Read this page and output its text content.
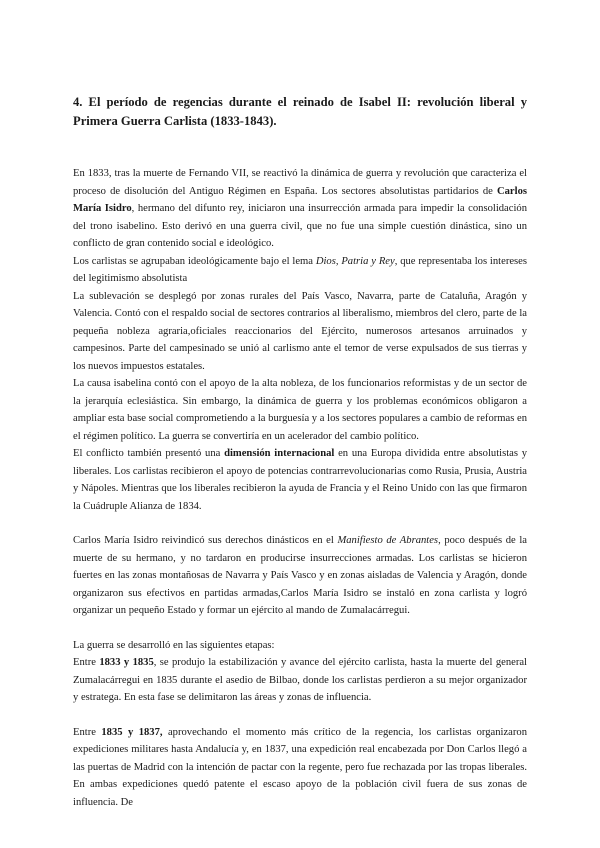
4. El período de regencias durante el reinado de Isabel II: revolución liberal y Primera Guerra Carlista (1833-1843).

En 1833, tras la muerte de Fernando VII, se reactivó la dinámica de guerra y revolución que caracteriza el proceso de disolución del Antiguo Régimen en España. Los sectores absolutistas partidarios de Carlos María Isidro, hermano del difunto rey, iniciaron una insurrección armada para impedir la consolidación del trono isabelino. Esto derivó en una guerra civil, que no fue una simple cuestión dinástica, sino un conflicto de gran contenido social e ideológico.

Los carlistas se agrupaban ideológicamente bajo el lema Dios, Patria y Rey, que representaba los intereses del legitimismo absolutista

La sublevación se desplegó por zonas rurales del País Vasco, Navarra, parte de Cataluña, Aragón y Valencia. Contó con el respaldo social de sectores contrarios al liberalismo, miembros del clero, parte de la pequeña nobleza agraria,oficiales reaccionarios del Ejército, numerosos artesanos arruinados y campesinos. Parte del campesinado se unió al carlismo ante el temor de verse expulsados de sus tierras y los nuevos impuestos estatales.

La causa isabelina contó con el apoyo de la alta nobleza, de los funcionarios reformistas y de un sector de la jerarquía eclesiástica. Sin embargo, la dinámica de guerra y los problemas económicos obligaron a ampliar esta base social comprometiendo a la burguesía y a los sectores populares a cambio de reformas en el régimen político. La guerra se convertiría en un acelerador del cambio político.

El conflicto también presentó una dimensión internacional en una Europa dividida entre absolutistas y liberales. Los carlistas recibieron el apoyo de potencias contrarrevolucionarias como Rusia, Prusia, Austria y Nápoles. Mientras que los liberales recibieron la ayuda de Francia y el Reino Unido con las que firmaron la Cuádruple Alianza de 1834.

Carlos María Isidro reivindicó sus derechos dinásticos en el Manifiesto de Abrantes, poco después de la muerte de su hermano, y no tardaron en producirse insurrecciones armadas. Los carlistas se hicieron fuertes en las zonas montañosas de Navarra y País Vasco y en zonas aisladas de Valencia y Aragón, donde organizaron sus efectivos en partidas armadas,Carlos María Isidro se instaló en zona carlista y logró organizar un pequeño Estado y formar un ejército al mando de Zumalacárregui.

La guerra se desarrolló en las siguientes etapas:

Entre 1833 y 1835, se produjo la estabilización y avance del ejército carlista, hasta la muerte del general Zumalacárregui en 1835 durante el asedio de Bilbao, donde los carlistas perdieron a su mejor organizador y estratega. En esta fase se delimitaron las áreas y zonas de influencia.

Entre 1835 y 1837, aprovechando el momento más crítico de la regencia, los carlistas organizaron expediciones militares hasta Andalucía y, en 1837, una expedición real encabezada por Don Carlos llegó a las puertas de Madrid con la intención de pactar con la regente, pero fue rechazada por las tropas liberales. En ambas expediciones quedó patente el escaso apoyo de la población civil fuera de sus zonas de influencia. De
